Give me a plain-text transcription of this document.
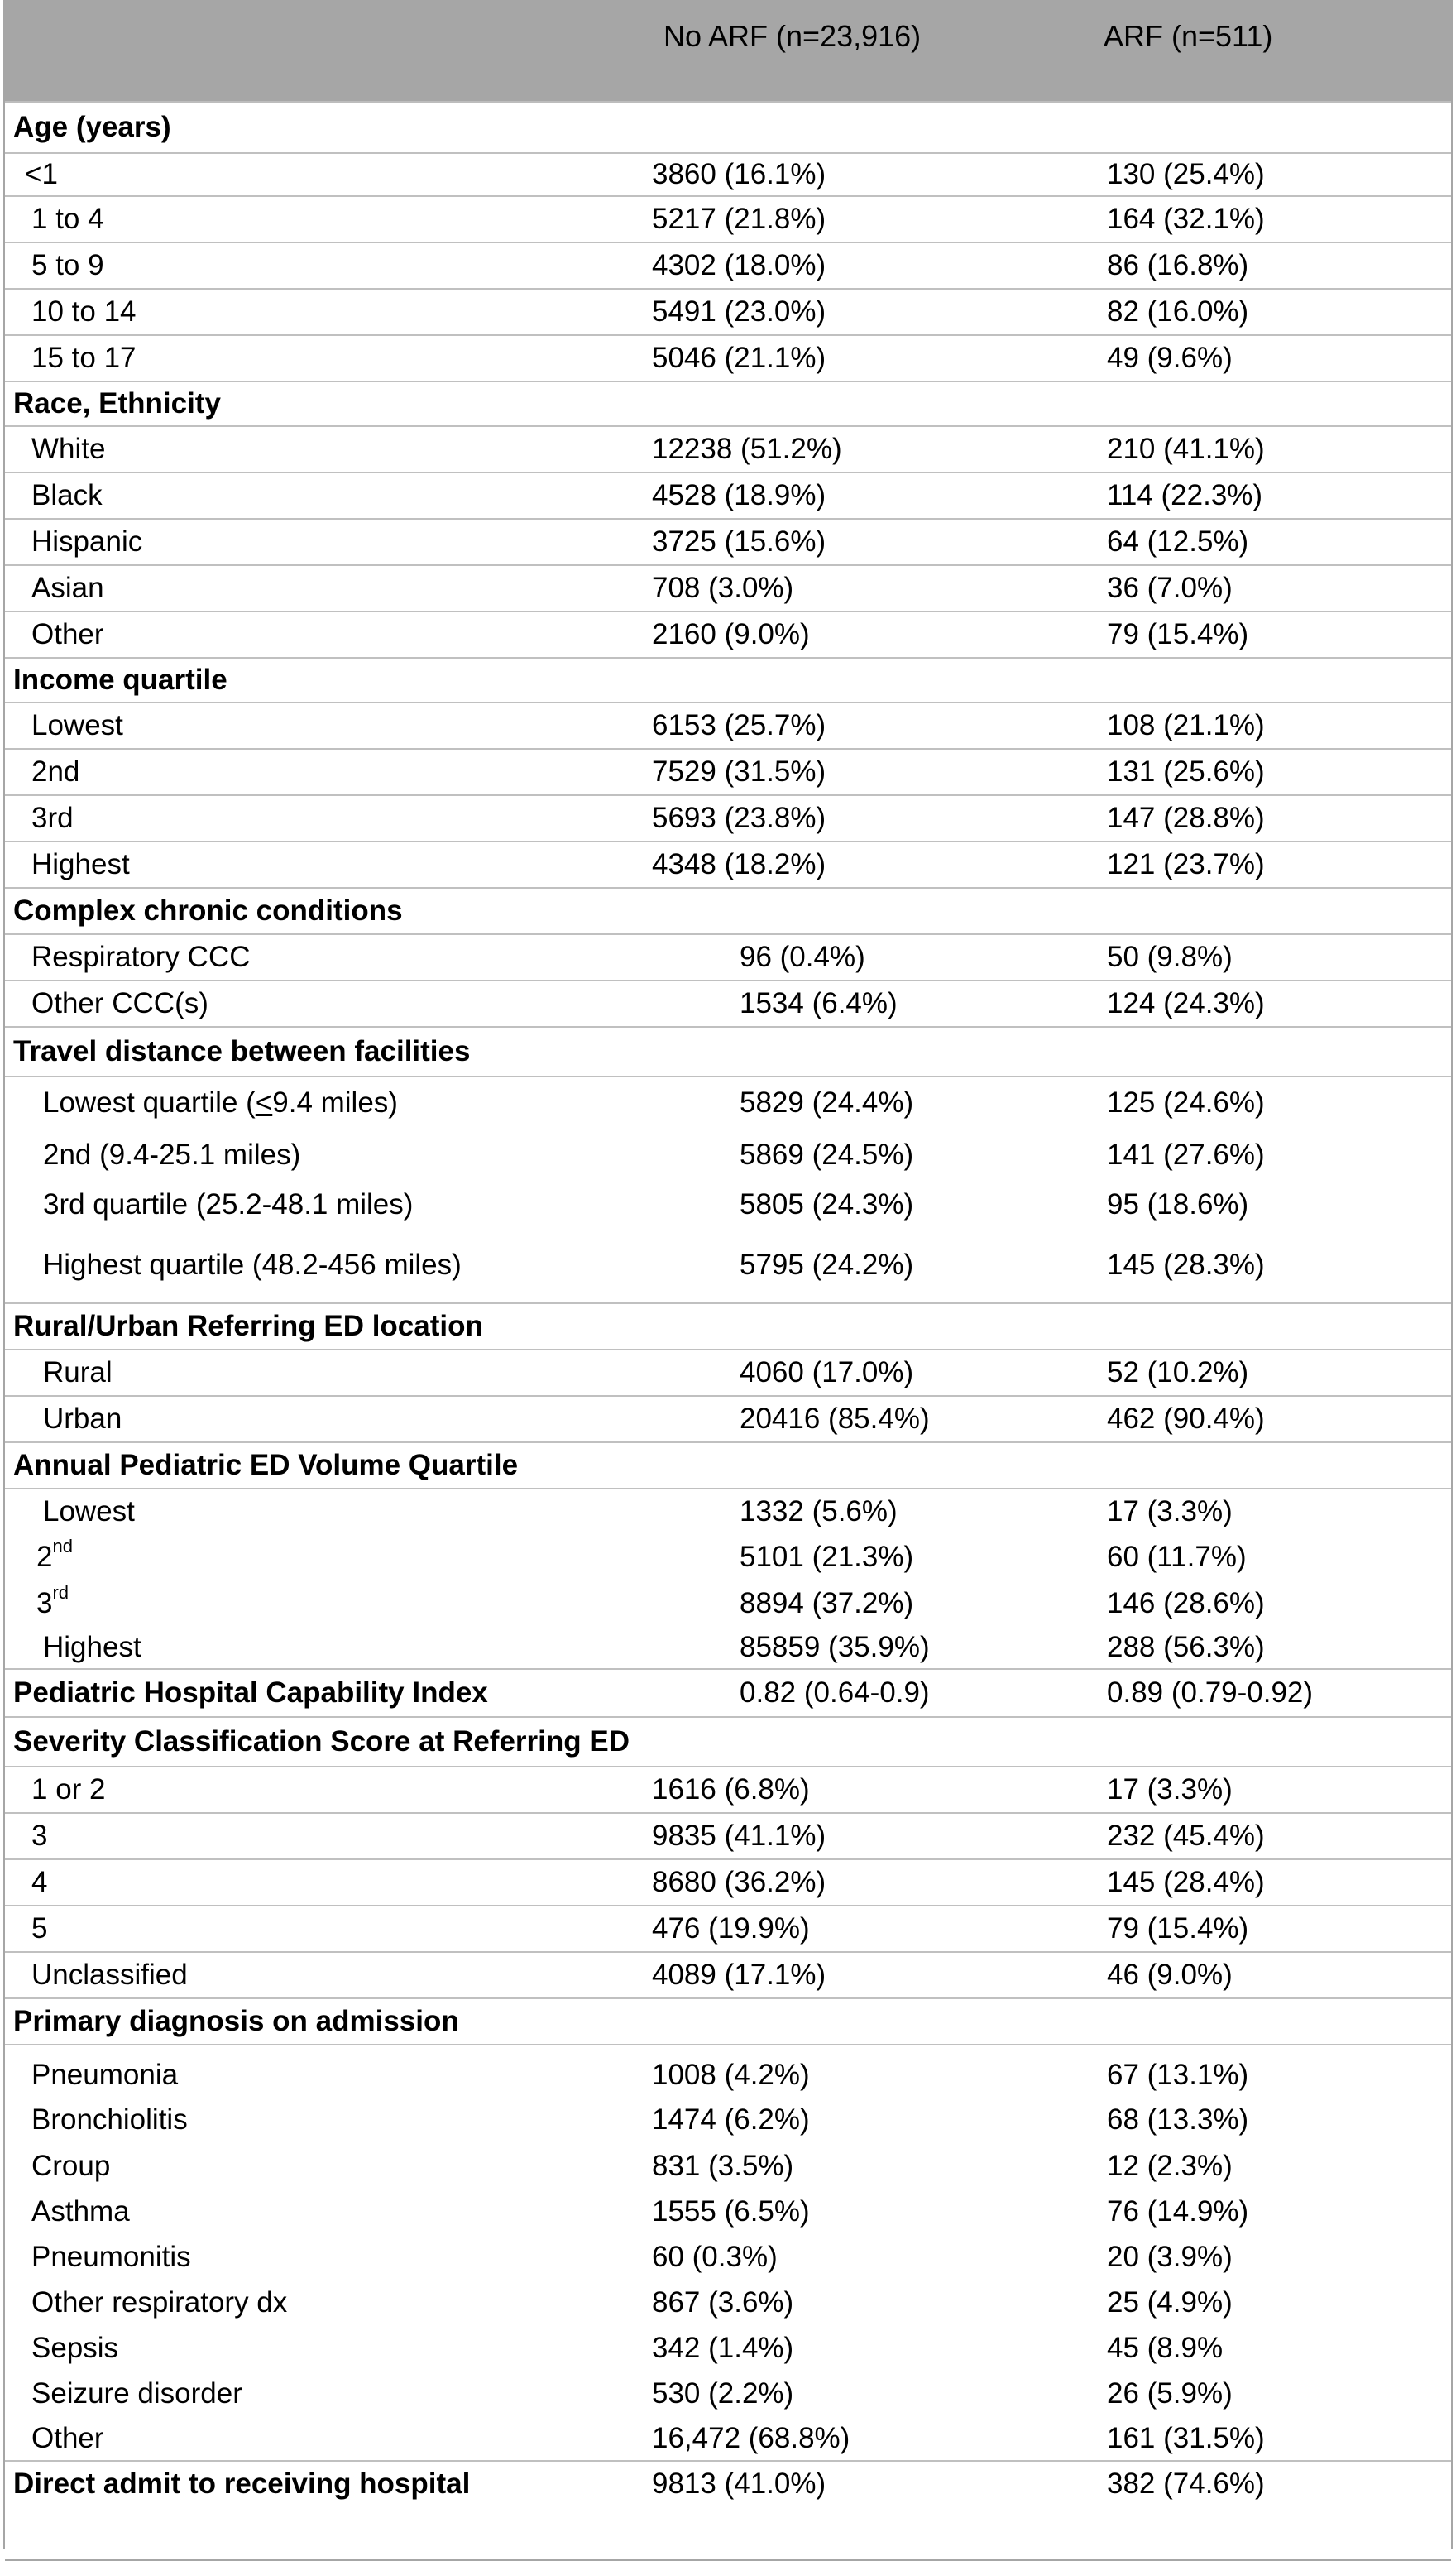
No ARF (n=23,916)	ARF (n=511)
Age (years)
<1	3860 (16.1%)	130 (25.4%)
1 to 4	5217 (21.8%)	164 (32.1%)
5 to 9	4302 (18.0%)	86 (16.8%)
10 to 14	5491 (23.0%)	82 (16.0%)
15 to 17	5046 (21.1%)	49 (9.6%)
Race, Ethnicity
White	12238 (51.2%)	210 (41.1%)
Black	4528 (18.9%)	114 (22.3%)
Hispanic	3725 (15.6%)	64 (12.5%)
Asian	708 (3.0%)	36 (7.0%)
Other	2160 (9.0%)	79 (15.4%)
Income quartile
Lowest	6153 (25.7%)	108 (21.1%)
2nd	7529 (31.5%)	131 (25.6%)
3rd	5693 (23.8%)	147 (28.8%)
Highest	4348 (18.2%)	121 (23.7%)
Complex chronic conditions
Respiratory CCC	96 (0.4%)	50 (9.8%)
Other CCC(s)	1534 (6.4%)	124 (24.3%)
Travel distance between facilities
Lowest quartile (<9.4 miles)	5829 (24.4%)	125 (24.6%)
2nd (9.4-25.1 miles)	5869 (24.5%)	141 (27.6%)
3rd quartile (25.2-48.1 miles)	5805 (24.3%)	95 (18.6%)
Highest quartile (48.2-456 miles)	5795 (24.2%)	145 (28.3%)
Rural/Urban Referring ED location
Rural	4060 (17.0%)	52 (10.2%)
Urban	20416 (85.4%)	462 (90.4%)
Annual Pediatric ED Volume Quartile
Lowest	1332 (5.6%)	17 (3.3%)
2nd	5101 (21.3%)	60 (11.7%)
3rd	8894 (37.2%)	146 (28.6%)
Highest	85859 (35.9%)	288 (56.3%)
Pediatric Hospital Capability Index	0.82 (0.64-0.9)	0.89 (0.79-0.92)
Severity Classification Score at Referring ED
1 or 2	1616 (6.8%)	17 (3.3%)
3	9835 (41.1%)	232 (45.4%)
4	8680 (36.2%)	145 (28.4%)
5	476 (19.9%)	79 (15.4%)
Unclassified	4089 (17.1%)	46 (9.0%)
Primary diagnosis on admission
Pneumonia	1008 (4.2%)	67 (13.1%)
Bronchiolitis	1474 (6.2%)	68 (13.3%)
Croup	831 (3.5%)	12 (2.3%)
Asthma	1555 (6.5%)	76 (14.9%)
Pneumonitis	60 (0.3%)	20 (3.9%)
Other respiratory dx	867 (3.6%)	25 (4.9%)
Sepsis	342 (1.4%)	45 (8.9%
Seizure disorder	530 (2.2%)	26 (5.9%)
Other	16,472 (68.8%)	161 (31.5%)
Direct admit to receiving hospital	9813 (41.0%)	382 (74.6%)
